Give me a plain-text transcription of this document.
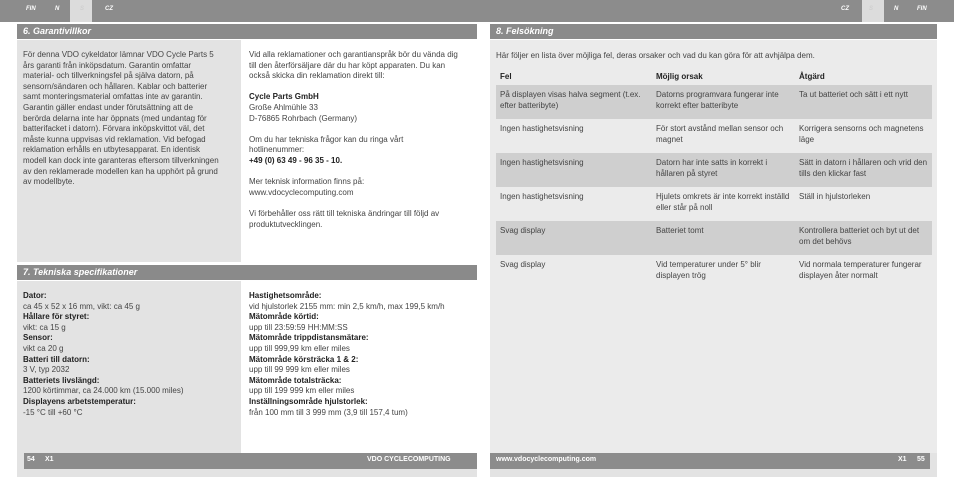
FIN	N	S	CZ	CZ	S	N	FIN
6. Garantivillkor
För denna VDO cykeldator lämnar VDO Cycle Parts 5 års garanti från inköpsdatum. Garantin omfattar material- och tillverkningsfel på själva datorn, på sensorn/sändaren och hållaren. Kablar och batterier samt monteringsmaterial omfattas inte av garantin. Garantin gäller endast under förutsättning att de berörda delarna inte har öppnats (med undantag för batterifacket i datorn). Förvara inköpskvittot väl, det måste kunna uppvisas vid reklamation. Vid befogad reklamation erhålls en utbytesapparat. En identisk modell kan dock inte garanteras eftersom tillverkningen av den reklamerade modellen kan ha upphört på grund av modellbyte.

Vid alla reklamationer och garantianspråk bör du vända dig till den återförsäljare där du har köpt apparaten. Du kan också skicka din reklamation direkt till:

Cycle Parts GmbH

Große Ahlmühle 33

D-76865 Rohrbach (Germany)

Om du har tekniska frågor kan du ringa vårt hotlinenummer:

+49 (0) 63 49 - 96 35 - 10.

Mer teknisk information finns på: www.vdocyclecomputing.com

Vi förbehåller oss rätt till tekniska ändringar till följd av produktutvecklingen.

7. Tekniska specifikationer

Dator:

ca 45 x 52 x 16 mm, vikt: ca 45 g

Hållare för styret:

vikt: ca 15 g

Sensor:

vikt ca 20 g

Batteri till datorn:

3 V, typ 2032

Batteriets livslängd:

1200 körtimmar, ca 24.000 km (15.000 miles)

Displayens arbetstemperatur:

-15 °C till +60 °C

Hastighetsområde:

vid hjulstorlek 2155 mm: min 2,5 km/h, max 199,5 km/h

Mätområde körtid:

upp till 23:59:59 HH:MM:SS

Mätområde trippdistansmätare:

upp till 999,99 km eller miles

Mätområde körsträcka 1 & 2:

upp till 99 999 km eller miles

Mätområde totalsträcka:

upp till 199 999 km eller miles

Inställningsområde hjulstorlek:

från 100 mm till 3 999 mm (3,9 till 157,4 tum)

8. Felsökning
Här följer en lista över möjliga fel, deras orsaker och vad du kan göra för att avhjälpa dem.
Fel	Möjlig orsak	Åtgärd
På displayen visas halva segment (t.ex. efter batteribyte)	Datorns programvara fungerar inte korrekt efter batteribyte	Ta ut batteriet och sätt i ett nytt
Ingen hastighetsvisning	För stort avstånd mellan sensor och magnet	Korrigera sensorns och magnetens läge
Ingen hastighetsvisning	Datorn har inte satts in korrekt i hållaren på styret	Sätt in datorn i hållaren och vrid den tills den klickar fast
Ingen hastighetsvisning	Hjulets omkrets är inte korrekt inställd eller står på noll	Ställ in hjulstorleken
Svag display	Batteriet tomt	Kontrollera batteriet och byt ut det om det behövs
Svag display	Vid temperaturer under 5° blir displayen trög	Vid normala temperaturer fungerar displayen åter normalt
54 X1	VDO CYCLECOMPUTING	www.vdocyclecomputing.com	X1 55
